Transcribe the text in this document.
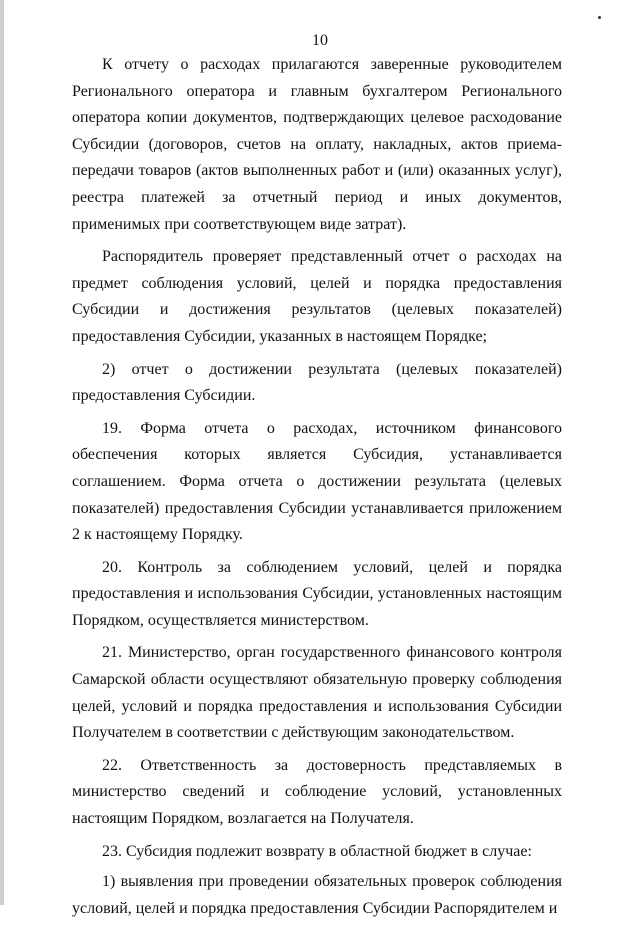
10

К отчету о расходах прилагаются заверенные руководителем Регионального оператора и главным бухгалтером Регионального оператора копии документов, подтверждающих целевое расходование Субсидии (договоров, счетов на оплату, накладных, актов приема-передачи товаров (актов выполненных работ и (или) оказанных услуг), реестра платежей за отчетный период и иных документов, применимых при соответствующем виде затрат).

Распорядитель проверяет представленный отчет о расходах на предмет соблюдения условий, целей и порядка предоставления Субсидии и достижения результатов (целевых показателей) предоставления Субсидии, указанных в настоящем Порядке;

2) отчет о достижении результата (целевых показателей) предоставления Субсидии.

19. Форма отчета о расходах, источником финансового обеспечения которых является Субсидия, устанавливается соглашением. Форма отчета о достижении результата (целевых показателей) предоставления Субсидии устанавливается приложением 2 к настоящему Порядку.

20. Контроль за соблюдением условий, целей и порядка предоставления и использования Субсидии, установленных настоящим Порядком, осуществляется министерством.

21. Министерство, орган государственного финансового контроля Самарской области осуществляют обязательную проверку соблюдения целей, условий и порядка предоставления и использования Субсидии Получателем в соответствии с действующим законодательством.

22. Ответственность за достоверность представляемых в министерство сведений и соблюдение условий, установленных настоящим Порядком, возлагается на Получателя.

23. Субсидия подлежит возврату в областной бюджет в случае:

1) выявления при проведении обязательных проверок соблюдения условий, целей и порядка предоставления Субсидии Распорядителем и
